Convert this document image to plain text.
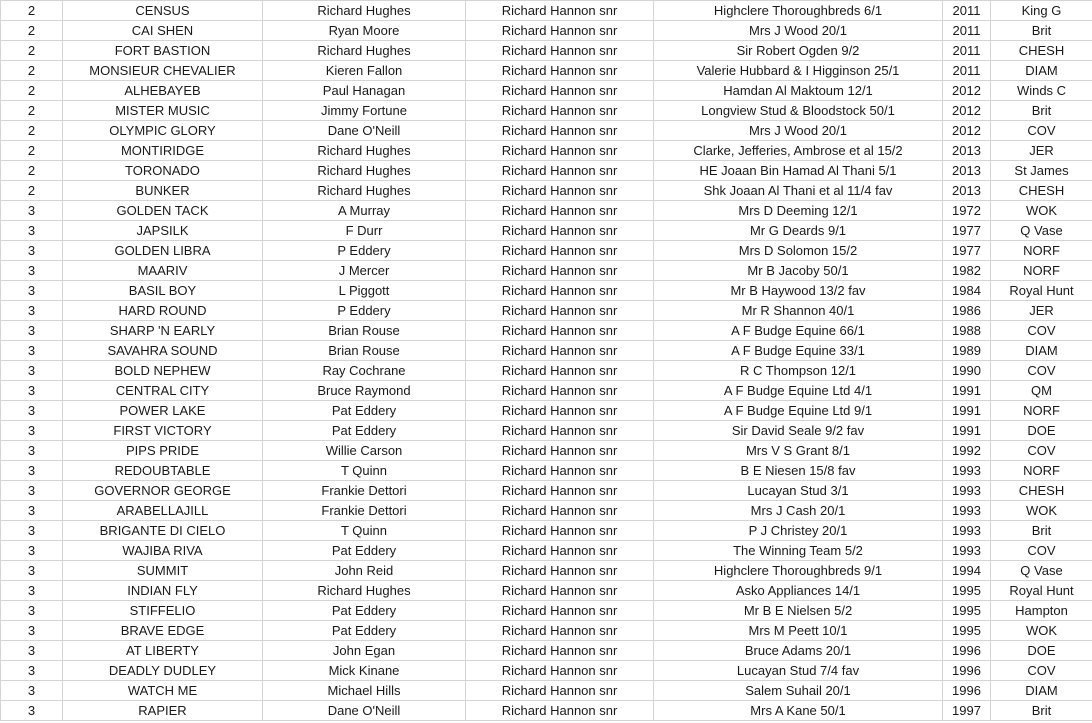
2	CENSUS	Richard Hughes	Richard Hannon snr	Highclere Thoroughbreds 6/1	2011	King G
2	CAI SHEN	Ryan Moore	Richard Hannon snr	Mrs J Wood 20/1	2011	Brit
2	FORT BASTION	Richard Hughes	Richard Hannon snr	Sir Robert Ogden 9/2	2011	CHESH
2	MONSIEUR CHEVALIER	Kieren Fallon	Richard Hannon snr	Valerie Hubbard & I Higginson 25/1	2011	DIAM
2	ALHEBAYEB	Paul Hanagan	Richard Hannon snr	Hamdan Al Maktoum 12/1	2012	Winds C
2	MISTER MUSIC	Jimmy Fortune	Richard Hannon snr	Longview Stud & Bloodstock 50/1	2012	Brit
2	OLYMPIC GLORY	Dane O'Neill	Richard Hannon snr	Mrs J Wood 20/1	2012	COV
2	MONTIRIDGE	Richard Hughes	Richard Hannon snr	Clarke, Jefferies, Ambrose et al 15/2	2013	JER
2	TORONADO	Richard Hughes	Richard Hannon snr	HE Joaan Bin Hamad Al Thani 5/1	2013	St James
2	BUNKER	Richard Hughes	Richard Hannon snr	Shk Joaan Al Thani et al 11/4 fav	2013	CHESH
3	GOLDEN TACK	A Murray	Richard Hannon snr	Mrs D Deeming 12/1	1972	WOK
3	JAPSILK	F Durr	Richard Hannon snr	Mr G Deards 9/1	1977	Q Vase
3	GOLDEN LIBRA	P Eddery	Richard Hannon snr	Mrs D Solomon 15/2	1977	NORF
3	MAARIV	J Mercer	Richard Hannon snr	Mr B Jacoby 50/1	1982	NORF
3	BASIL BOY	L Piggott	Richard Hannon snr	Mr B Haywood 13/2 fav	1984	Royal Hunt
3	HARD ROUND	P Eddery	Richard Hannon snr	Mr R Shannon 40/1	1986	JER
3	SHARP 'N EARLY	Brian Rouse	Richard Hannon snr	A F Budge Equine 66/1	1988	COV
3	SAVAHRA SOUND	Brian Rouse	Richard Hannon snr	A F Budge Equine 33/1	1989	DIAM
3	BOLD NEPHEW	Ray Cochrane	Richard Hannon snr	R C Thompson 12/1	1990	COV
3	CENTRAL CITY	Bruce Raymond	Richard Hannon snr	A F Budge Equine Ltd 4/1	1991	QM
3	POWER LAKE	Pat Eddery	Richard Hannon snr	A F Budge Equine Ltd 9/1	1991	NORF
3	FIRST VICTORY	Pat Eddery	Richard Hannon snr	Sir David Seale 9/2 fav	1991	DOE
3	PIPS PRIDE	Willie Carson	Richard Hannon snr	Mrs V S Grant 8/1	1992	COV
3	REDOUBTABLE	T Quinn	Richard Hannon snr	B E Niesen 15/8 fav	1993	NORF
3	GOVERNOR GEORGE	Frankie Dettori	Richard Hannon snr	Lucayan Stud 3/1	1993	CHESH
3	ARABELLAJILL	Frankie Dettori	Richard Hannon snr	Mrs J Cash 20/1	1993	WOK
3	BRIGANTE DI CIELO	T Quinn	Richard Hannon snr	P J Christey 20/1	1993	Brit
3	WAJIBA RIVA	Pat Eddery	Richard Hannon snr	The Winning Team 5/2	1993	COV
3	SUMMIT	John Reid	Richard Hannon snr	Highclere Thoroughbreds 9/1	1994	Q Vase
3	INDIAN FLY	Richard Hughes	Richard Hannon snr	Asko Appliances 14/1	1995	Royal Hunt
3	STIFFELIO	Pat Eddery	Richard Hannon snr	Mr B E Nielsen 5/2	1995	Hampton
3	BRAVE EDGE	Pat Eddery	Richard Hannon snr	Mrs M Peett 10/1	1995	WOK
3	AT LIBERTY	John Egan	Richard Hannon snr	Bruce Adams 20/1	1996	DOE
3	DEADLY DUDLEY	Mick Kinane	Richard Hannon snr	Lucayan Stud 7/4 fav	1996	COV
3	WATCH ME	Michael Hills	Richard Hannon snr	Salem Suhail 20/1	1996	DIAM
3	RAPIER	Dane O'Neill	Richard Hannon snr	Mrs A Kane 50/1	1997	Brit
